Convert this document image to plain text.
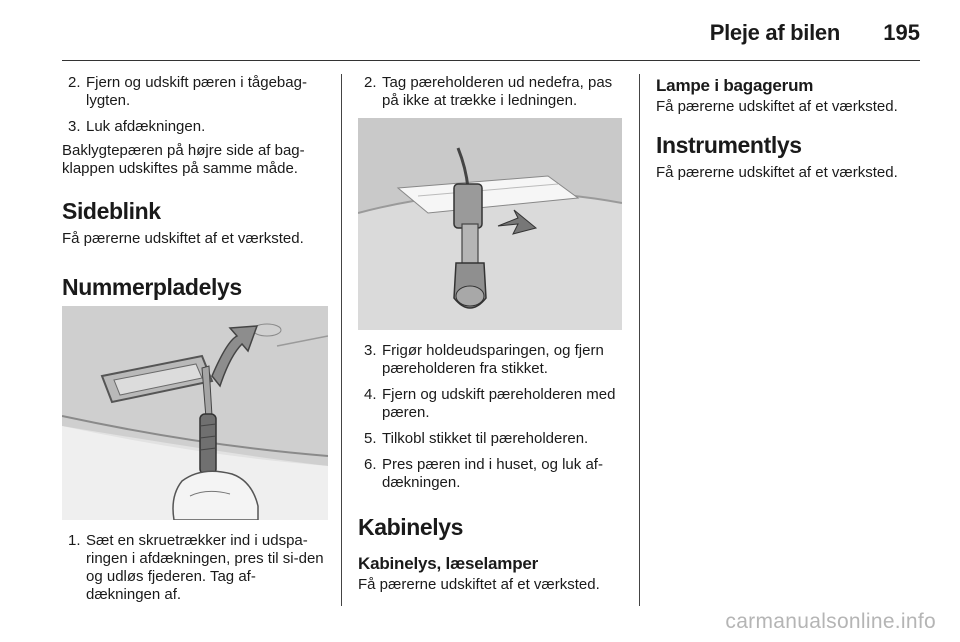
Pleje af bilen 195
2. Fjern og udskift pæren i tågebag-lygten.
3. Luk afdækningen.

Baklygtepæren på højre side af bag-klappen udskiftes på samme måde.

Sideblink

Få pærerne udskiftet af et værksted.

Nummerpladelys
1. Sæt en skruetrækker ind i udspa-ringen i afdækningen, pres til si-den og udløs fjederen. Tag af-dækningen af.
2. Tag pæreholderen ud nedefra, pas på ikke at trække i ledningen.
3. Frigør holdeudsparingen, og fjern pæreholderen fra stikket.
4. Fjern og udskift pæreholderen med pæren.
5. Tilkobl stikket til pæreholderen.
6. Pres pæren ind i huset, og luk af-dækningen.
Kabinelys
Kabinelys, læselamper

Få pærerne udskiftet af et værksted.

Lampe i bagagerum

Få pærerne udskiftet af et værksted.

Instrumentlys

Få pærerne udskiftet af et værksted.

carmanualsonline.info
